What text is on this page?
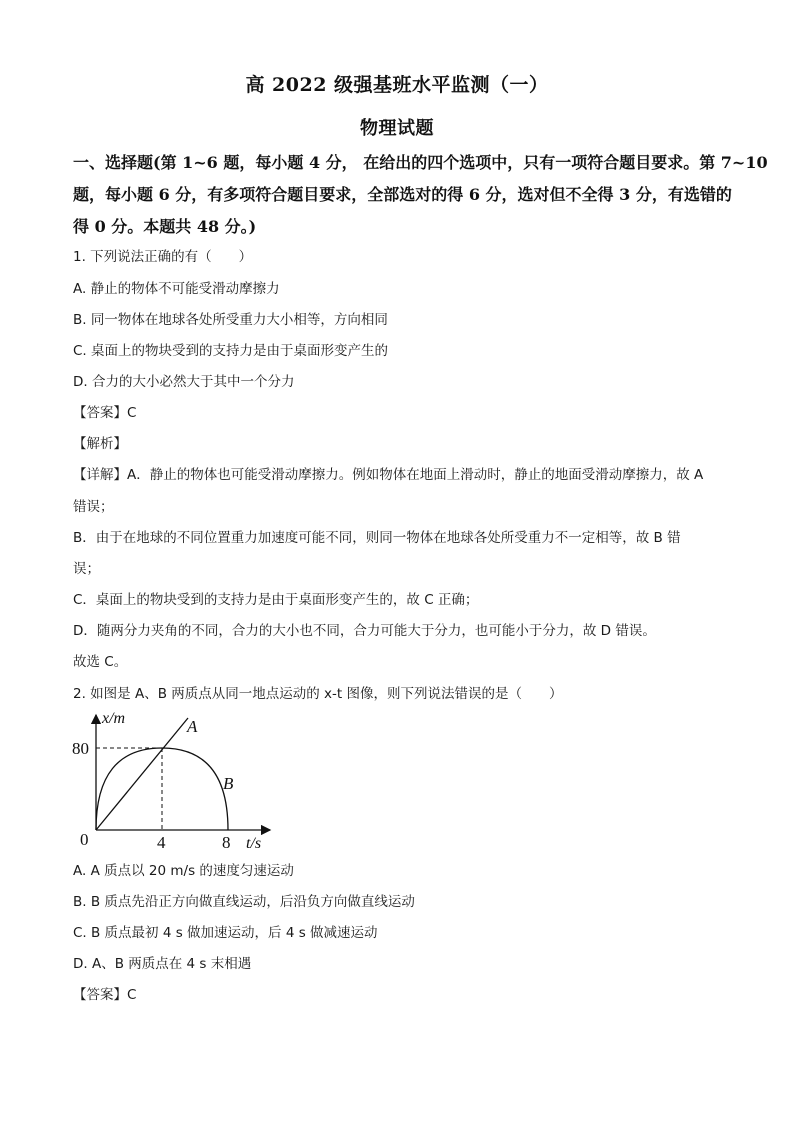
高 2022 级强基班水平监测（一）
物理试题
一、选择题(第 1~6 题，每小题 4 分， 在给出的四个选项中，只有一项符合题目要求。第 7~10
题，每小题 6 分，有多项符合题目要求，全部选对的得 6 分，选对但不全得 3 分，有选错的
得 0 分。本题共 48 分。)
1. 下列说法正确的有（　　）
A. 静止的物体不可能受滑动摩擦力
B. 同一物体在地球各处所受重力大小相等，方向相同
C. 桌面上的物块受到的支持力是由于桌面形变产生的
D. 合力的大小必然大于其中一个分力
【答案】C
【解析】
【详解】A．静止的物体也可能受滑动摩擦力。例如物体在地面上滑动时，静止的地面受滑动摩擦力，故 A
错误；
B．由于在地球的不同位置重力加速度可能不同，则同一物体在地球各处所受重力不一定相等，故 B 错
误；
C．桌面上的物块受到的支持力是由于桌面形变产生的，故 C 正确；
D．随两分力夹角的不同，合力的大小也不同，合力可能大于分力，也可能小于分力，故 D 错误。
故选 C。
2. 如图是 A、B 两质点从同一地点运动的 x-t 图像，则下列说法错误的是（　　）
x/m
80
0	4	8 t/s
A
B
A. A 质点以 20 m/s 的速度匀速运动
B. B 质点先沿正方向做直线运动，后沿负方向做直线运动
C. B 质点最初 4 s 做加速运动，后 4 s 做减速运动
D. A、B 两质点在 4 s 末相遇
【答案】C
